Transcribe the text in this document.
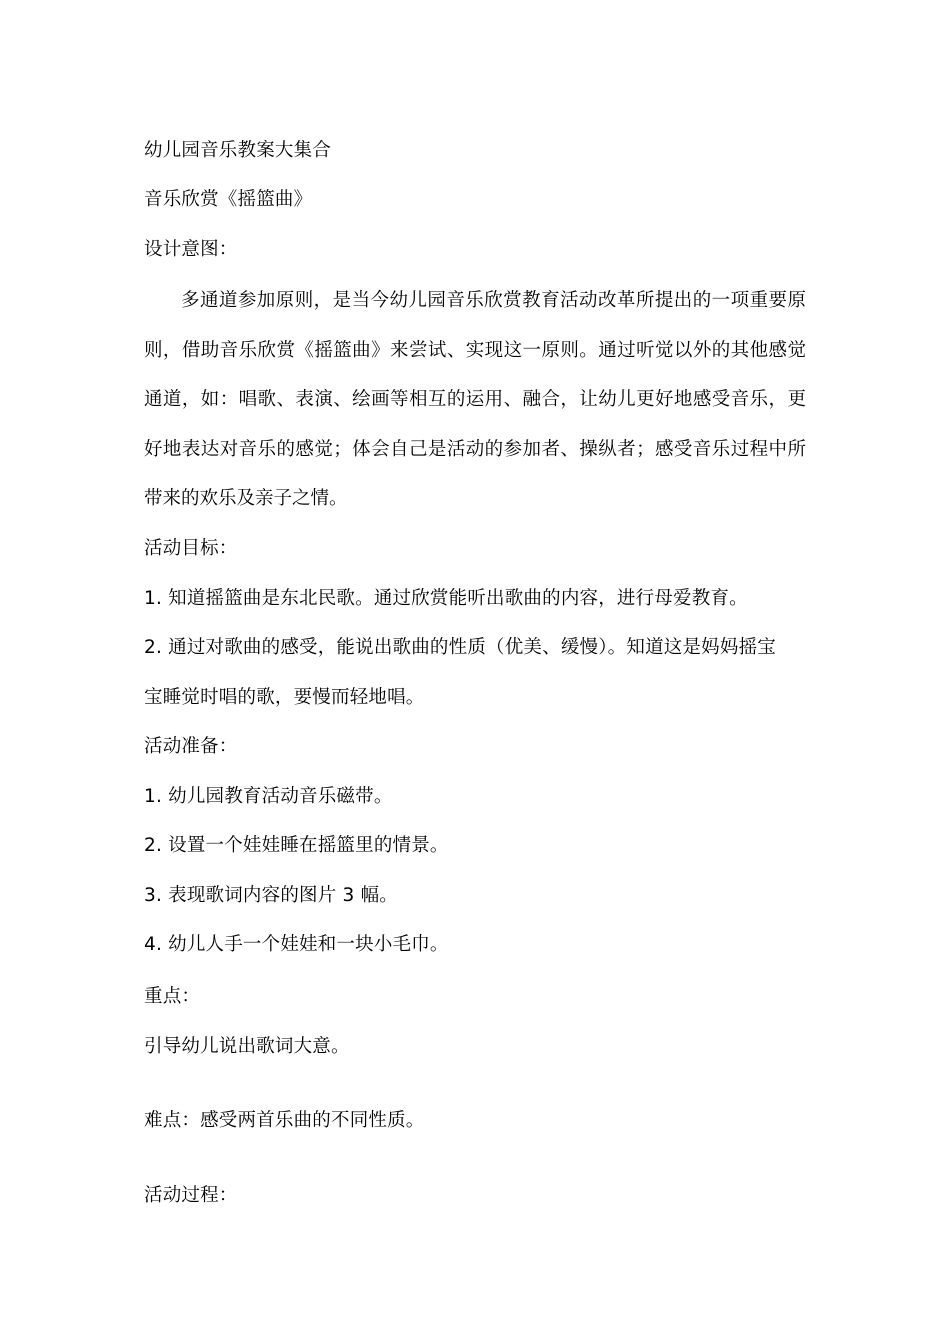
幼儿园音乐教案大集合
音乐欣赏《摇篮曲》
设计意图：
多通道参加原则，是当今幼儿园音乐欣赏教育活动改革所提出的一项重要原则，借助音乐欣赏《摇篮曲》来尝试、实现这一原则。通过听觉以外的其他感觉通道，如：唱歌、表演、绘画等相互的运用、融合，让幼儿更好地感受音乐，更好地表达对音乐的感觉；体会自己是活动的参加者、操纵者；感受音乐过程中所带来的欢乐及亲子之情。
活动目标：
1. 知道摇篮曲是东北民歌。通过欣赏能听出歌曲的内容，进行母爱教育。
2. 通过对歌曲的感受，能说出歌曲的性质（优美、缓慢）。知道这是妈妈摇宝
宝睡觉时唱的歌，要慢而轻地唱。
活动准备：
1. 幼儿园教育活动音乐磁带。
2. 设置一个娃娃睡在摇篮里的情景。
3. 表现歌词内容的图片 3 幅。
4. 幼儿人手一个娃娃和一块小毛巾。
重点：
引导幼儿说出歌词大意。
难点：感受两首乐曲的不同性质。
活动过程：
